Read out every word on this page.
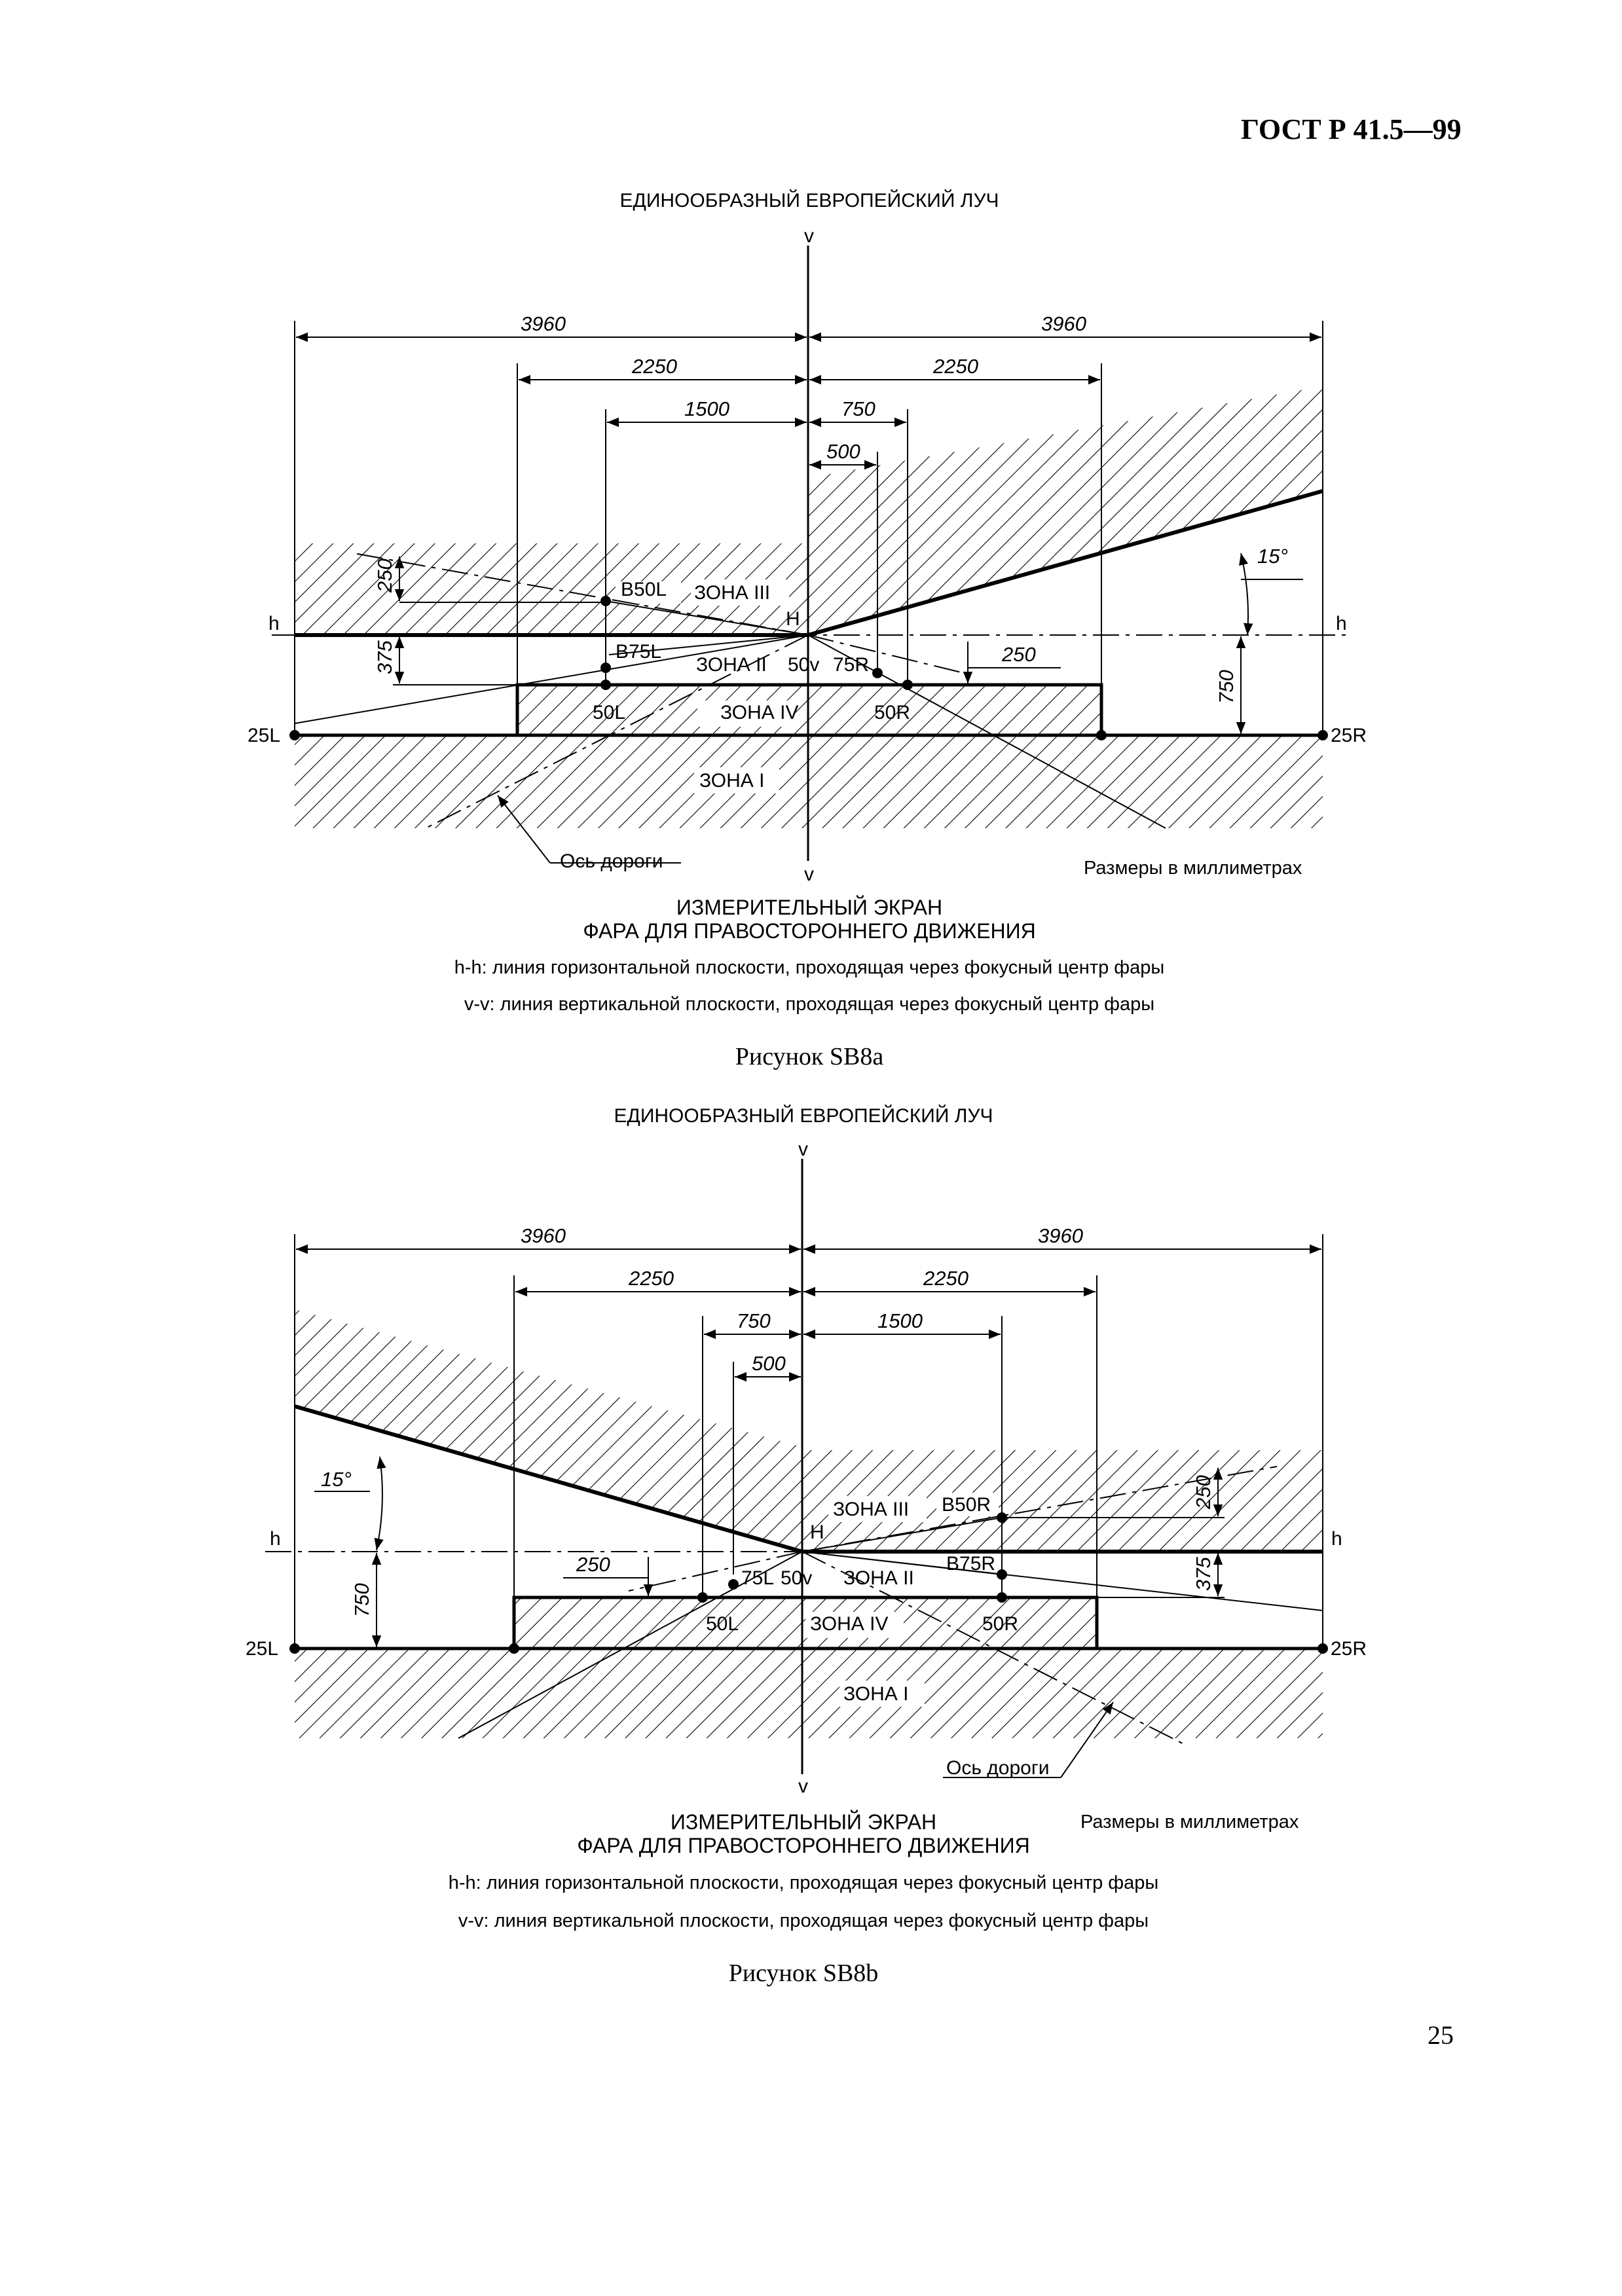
ГОСТ Р 41.5—99
ЕДИНООБРАЗНЫЙ ЕВРОПЕЙСКИЙ ЛУЧ
v
v
h	h
H
25L	25R
B50L
B75L
50L
50v 75R
50R
ЗОНА III
ЗОНА II
ЗОНА IV
ЗОНА I
Ось дороги
15°
3960	3960
2250	2250
1500	750
500
250
250
375
750
Размеры в миллиметрах
ИЗМЕРИТЕЛЬНЫЙ ЭКРАН
ФАРА ДЛЯ ПРАВОСТОРОННЕГО ДВИЖЕНИЯ
h-h: линия горизонтальной плоскости, проходящая через фокусный центр фары
v-v: линия вертикальной плоскости, проходящая через фокусный центр фары
Рисунок SB8a
ЕДИНООБРАЗНЫЙ ЕВРОПЕЙСКИЙ ЛУЧ
v
v
h	h
H
25L	25R
B50R
B75R
50L
50v
75L
50R
ЗОНА III
ЗОНА II
ЗОНА IV
ЗОНА I
Ось дороги
15°
3960	3960
2250	2250
750	1500
500
250
250
375
750
ИЗМЕРИТЕЛЬНЫЙ ЭКРАН	Размеры в миллиметрах
ФАРА ДЛЯ ПРАВОСТОРОННЕГО ДВИЖЕНИЯ
h-h: линия горизонтальной плоскости, проходящая через фокусный центр фары
v-v: линия вертикальной плоскости, проходящая через фокусный центр фары
Рисунок SB8b
25
